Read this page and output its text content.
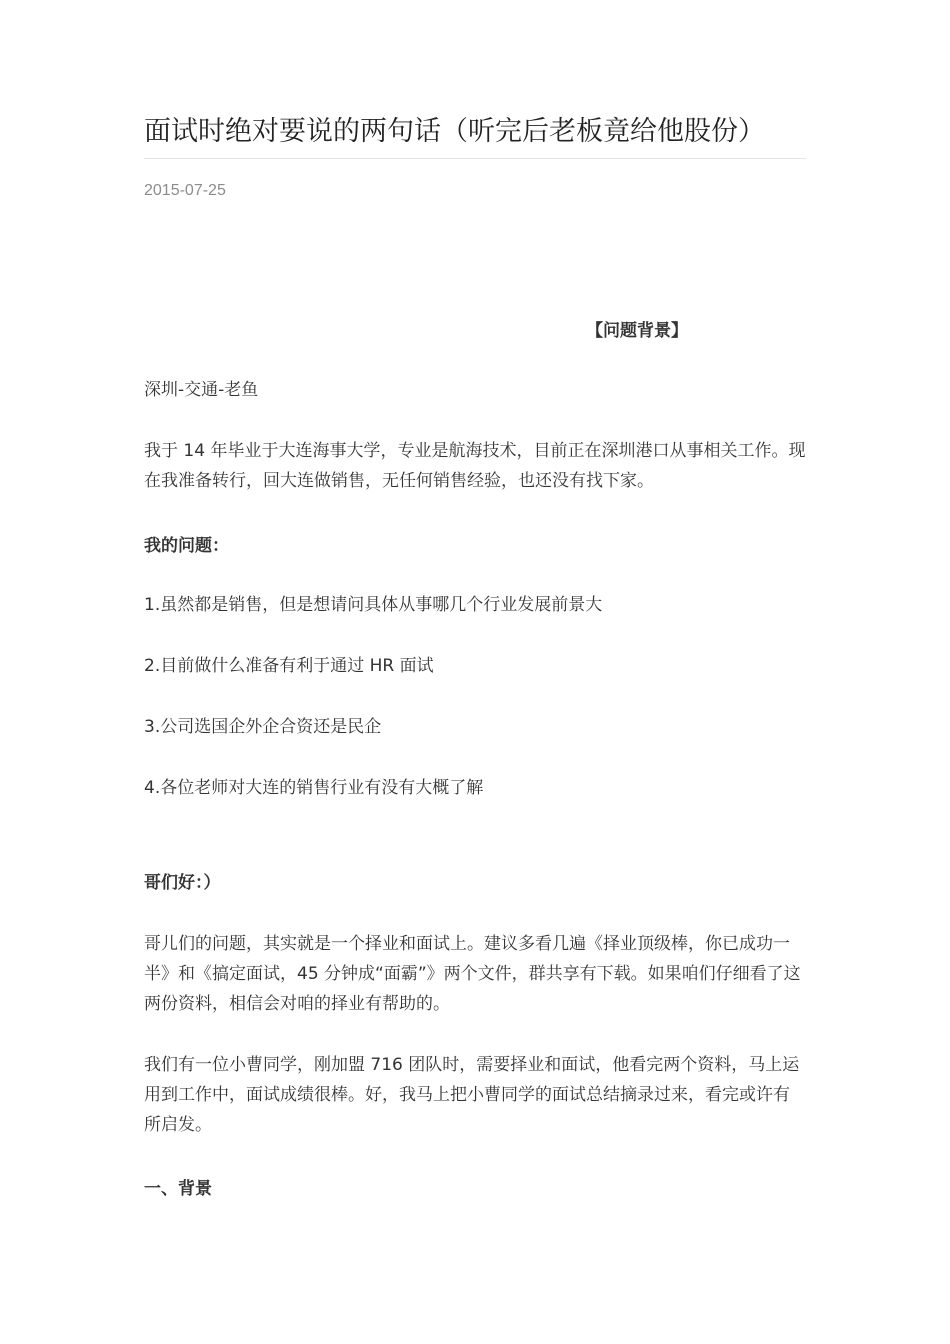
面试时绝对要说的两句话（听完后老板竟给他股份）
2015-07-25
【问题背景】
深圳-交通-老鱼
我于 14 年毕业于大连海事大学，专业是航海技术，目前正在深圳港口从事相关工作。现在我准备转行，回大连做销售，无任何销售经验，也还没有找下家。
我的问题：
1.虽然都是销售，但是想请问具体从事哪几个行业发展前景大
2.目前做什么准备有利于通过 HR 面试
3.公司选国企外企合资还是民企
4.各位老师对大连的销售行业有没有大概了解
哥们好：）
哥儿们的问题，其实就是一个择业和面试上。建议多看几遍《择业顶级棒，你已成功一半》和《搞定面试，45 分钟成“面霸”》两个文件，群共享有下载。如果咱们仔细看了这两份资料，相信会对咱的择业有帮助的。
我们有一位小曹同学，刚加盟 716 团队时，需要择业和面试，他看完两个资料，马上运用到工作中，面试成绩很棒。好，我马上把小曹同学的面试总结摘录过来，看完或许有所启发。
一、背景
